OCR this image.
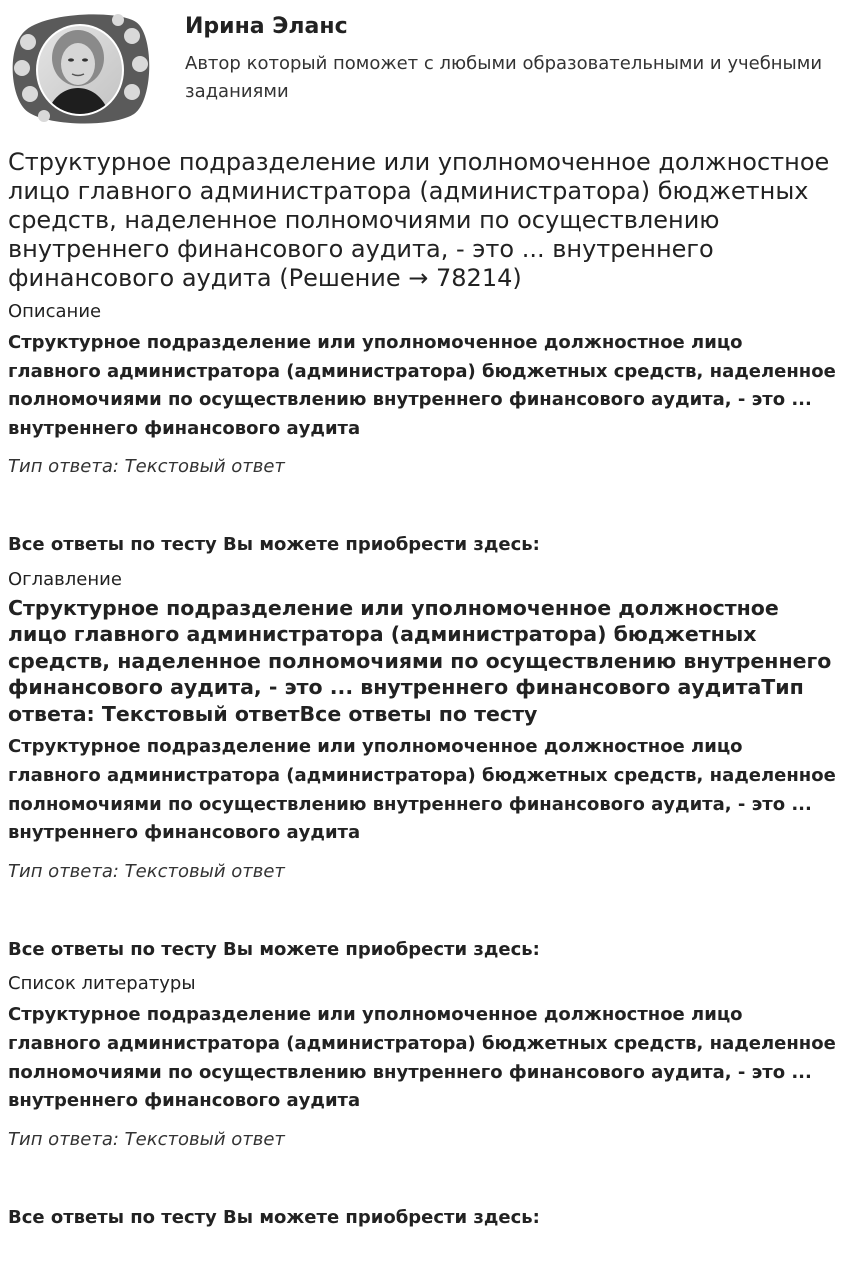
Ирина Эланс
Автор который поможет с любыми образовательными и учебными заданиями
Структурное подразделение или уполномоченное должностное лицо главного администратора (администратора) бюджетных средств, наделенное полномочиями по осуществлению внутреннего финансового аудита, - это ... внутреннего финансового аудита (Решение → 78214)
Описание

Структурное подразделение или уполномоченное должностное лицо главного администратора (администратора) бюджетных средств, наделенное полномочиями по осуществлению внутреннего финансового аудита, - это ... внутреннего финансового аудита

Тип ответа: Текстовый ответ

Все ответы по тесту Вы можете приобрести здесь:

Оглавление
Структурное подразделение или уполномоченное должностное лицо главного администратора (администратора) бюджетных средств, наделенное полномочиями по осуществлению внутреннего финансового аудита, - это ... внутреннего финансового аудитаТип ответа: Текстовый ответВсе ответы по тесту

Структурное подразделение или уполномоченное должностное лицо главного администратора (администратора) бюджетных средств, наделенное полномочиями по осуществлению внутреннего финансового аудита, - это ... внутреннего финансового аудита

Тип ответа: Текстовый ответ

Все ответы по тесту Вы можете приобрести здесь:

Список литературы

Структурное подразделение или уполномоченное должностное лицо главного администратора (администратора) бюджетных средств, наделенное полномочиями по осуществлению внутреннего финансового аудита, - это ... внутреннего финансового аудита

Тип ответа: Текстовый ответ

Все ответы по тесту Вы можете приобрести здесь:
